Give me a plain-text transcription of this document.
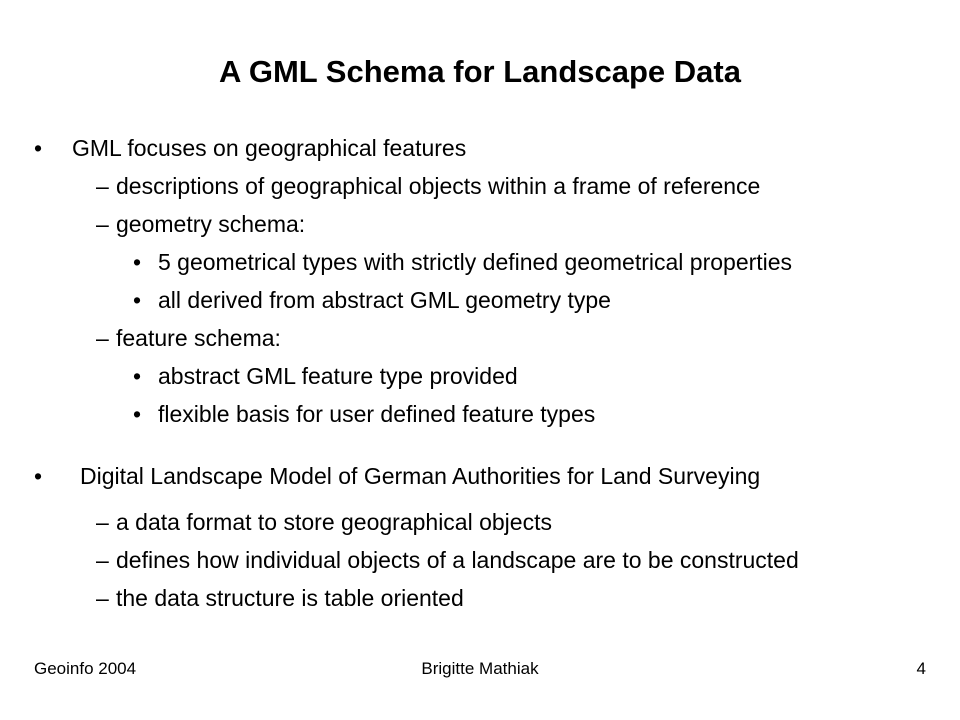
A GML Schema for Landscape Data
• GML focuses on geographical features
– descriptions of geographical objects within a frame of reference
– geometry schema:
• 5 geometrical types with strictly defined geometrical properties
• all derived from abstract GML geometry type
– feature schema:
• abstract GML feature type provided
• flexible basis for user defined feature types
• Digital Landscape Model of German Authorities for Land Surveying
– a data format to store geographical objects
– defines how individual objects of a landscape are to be constructed
– the data structure is table oriented
Geoinfo 2004	Brigitte Mathiak	4
